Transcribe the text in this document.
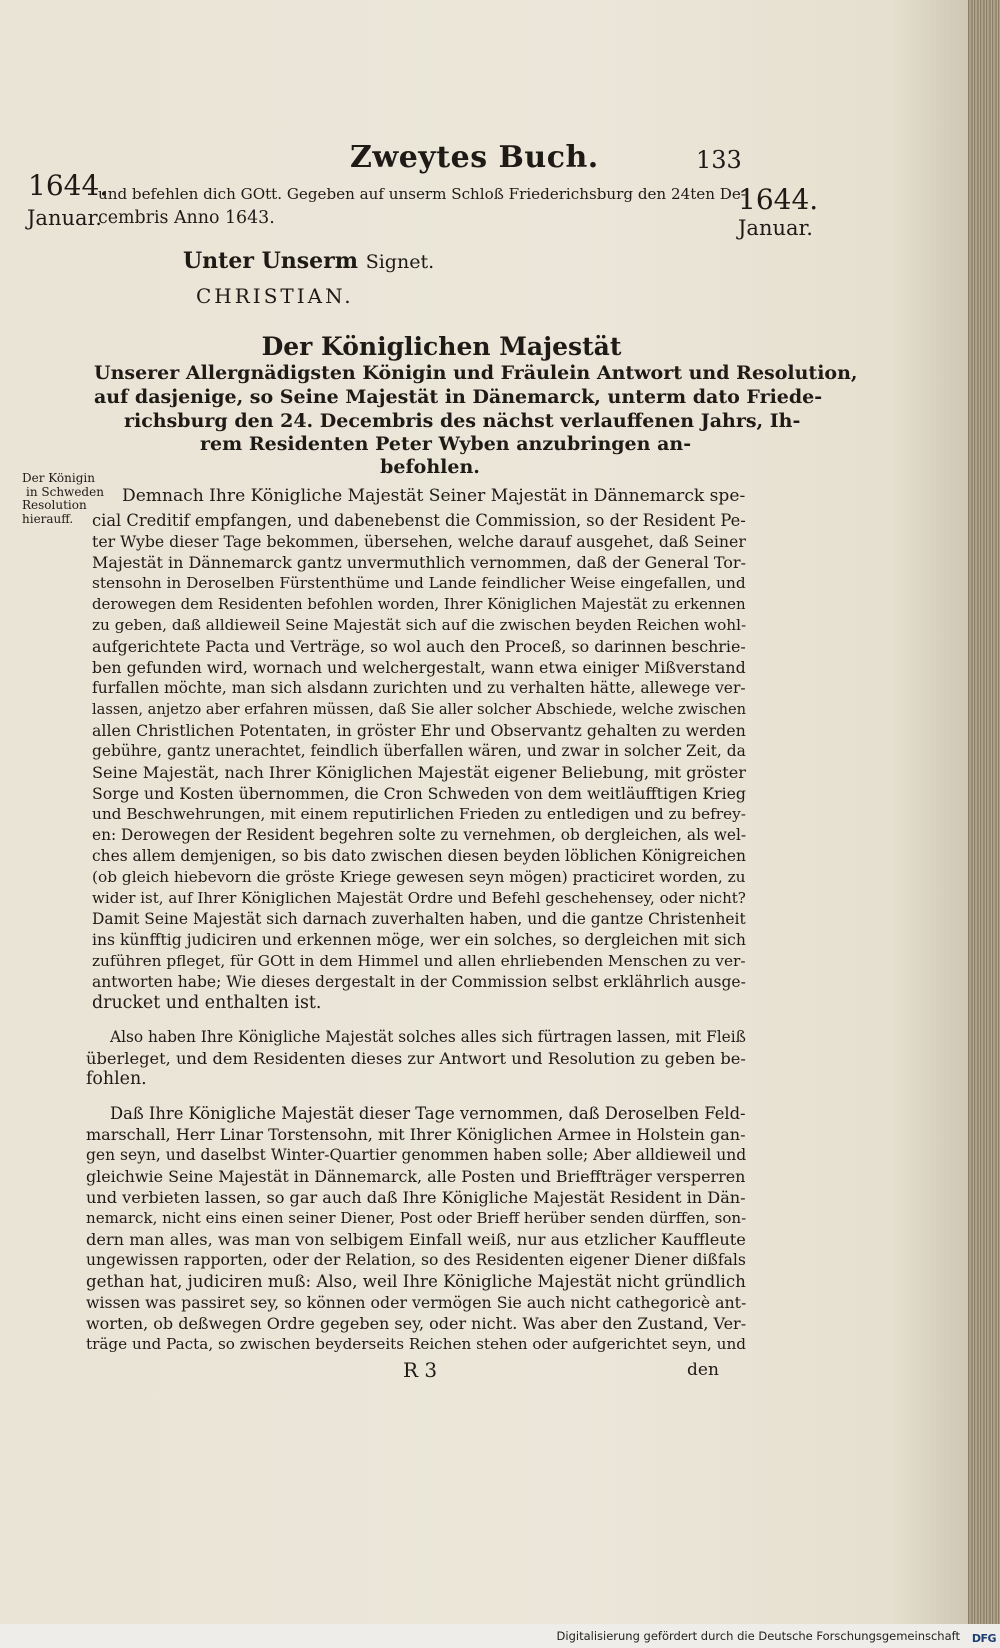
Zweytes Buch.	133
1644.
Januar.
1644.
Januar.
und befehlen dich GOtt. Gegeben auf unserm Schloß Friederichsburg den 24ten De-
cembris Anno 1643.
Unter Unserm Signet.
CHRISTIAN.
Der Königlichen Majestät
Unserer Allergnädigsten Königin und Fräulein Antwort und Resolution,
auf dasjenige, so Seine Majestät in Dänemarck, unterm dato Friede-
richsburg den 24. Decembris des nächst verlauffenen Jahrs, Ih-
rem Residenten Peter Wyben anzubringen an-
befohlen.
Der Königin
in Schweden
Resolution
hierauff.
Demnach Ihre Königliche Majestät Seiner Majestät in Dännemarck spe-
cial Creditif empfangen, und dabenebenst die Commission, so der Resident Pe-
ter Wybe dieser Tage bekommen, übersehen, welche darauf ausgehet, daß Seiner
Majestät in Dännemarck gantz unvermuthlich vernommen, daß der General Tor-
stensohn in Deroselben Fürstenthüme und Lande feindlicher Weise eingefallen, und
derowegen dem Residenten befohlen worden, Ihrer Königlichen Majestät zu erkennen
zu geben, daß alldieweil Seine Majestät sich auf die zwischen beyden Reichen wohl-
aufgerichtete Pacta und Verträge, so wol auch den Proceß, so darinnen beschrie-
ben gefunden wird, wornach und welchergestalt, wann etwa einiger Mißverstand
furfallen möchte, man sich alsdann zurichten und zu verhalten hätte, allewege ver-
lassen, anjetzo aber erfahren müssen, daß Sie aller solcher Abschiede, welche zwischen
allen Christlichen Potentaten, in gröster Ehr und Observantz gehalten zu werden
gebühre, gantz unerachtet, feindlich überfallen wären, und zwar in solcher Zeit, da
Seine Majestät, nach Ihrer Königlichen Majestät eigener Beliebung, mit gröster
Sorge und Kosten übernommen, die Cron Schweden von dem weitläufftigen Krieg
und Beschwehrungen, mit einem reputirlichen Frieden zu entledigen und zu befrey-
en: Derowegen der Resident begehren solte zu vernehmen, ob dergleichen, als wel-
ches allem demjenigen, so bis dato zwischen diesen beyden löblichen Königreichen
(ob gleich hiebevorn die gröste Kriege gewesen seyn mögen) practiciret worden, zu
wider ist, auf Ihrer Königlichen Majestät Ordre und Befehl geschehensey, oder nicht?
Damit Seine Majestät sich darnach zuverhalten haben, und die gantze Christenheit
ins künfftig judiciren und erkennen möge, wer ein solches, so dergleichen mit sich
zuführen pfleget, für GOtt in dem Himmel und allen ehrliebenden Menschen zu ver-
antworten habe; Wie dieses dergestalt in der Commission selbst erklährlich ausge-
drucket und enthalten ist.
Also haben Ihre Königliche Majestät solches alles sich fürtragen lassen, mit Fleiß
überleget, und dem Residenten dieses zur Antwort und Resolution zu geben be-
fohlen.
Daß Ihre Königliche Majestät dieser Tage vernommen, daß Deroselben Feld-
marschall, Herr Linar Torstensohn, mit Ihrer Königlichen Armee in Holstein gan-
gen seyn, und daselbst Winter-Quartier genommen haben solle; Aber alldieweil und
gleichwie Seine Majestät in Dännemarck, alle Posten und Brieffträger versperren
und verbieten lassen, so gar auch daß Ihre Königliche Majestät Resident in Dän-
nemarck, nicht eins einen seiner Diener, Post oder Brieff herüber senden dürffen, son-
dern man alles, was man von selbigem Einfall weiß, nur aus etzlicher Kauffleute
ungewissen rapporten, oder der Relation, so des Residenten eigener Diener dißfals
gethan hat, judiciren muß: Also, weil Ihre Königliche Majestät nicht gründlich
wissen was passiret sey, so können oder vermögen Sie auch nicht cathegoricè ant-
worten, ob deßwegen Ordre gegeben sey, oder nicht. Was aber den Zustand, Ver-
träge und Pacta, so zwischen beyderseits Reichen stehen oder aufgerichtet seyn, und
R 3	den
Digitalisierung gefördert durch die Deutsche Forschungsgemeinschaft	DFG
